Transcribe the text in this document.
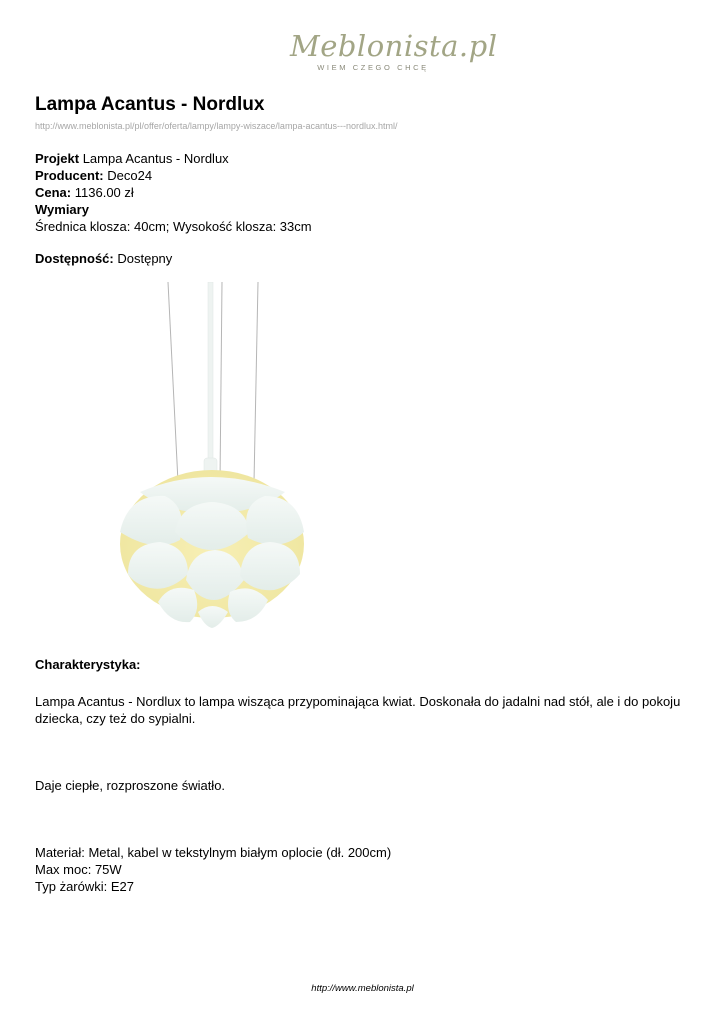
Meblonista.pl
WIEM CZEGO CHCĘ
Lampa Acantus - Nordlux
http://www.meblonista.pl/pl/offer/oferta/lampy/lampy-wiszace/lampa-acantus---nordlux.html/
Projekt Lampa Acantus - Nordlux
Producent: Deco24
Cena: 1136.00 zł
Wymiary
Średnica klosza: 40cm; Wysokość klosza: 33cm
Dostępność: Dostępny
Charakterystyka:
Lampa Acantus - Nordlux to lampa wisząca przypominająca kwiat. Doskonała do jadalni nad stół, ale i do pokoju dziecka, czy też do sypialni.
Daje ciepłe, rozproszone światło.
Materiał: Metal, kabel w tekstylnym białym oplocie (dł. 200cm)
Max moc: 75W
Typ żarówki: E27
http://www.meblonista.pl
